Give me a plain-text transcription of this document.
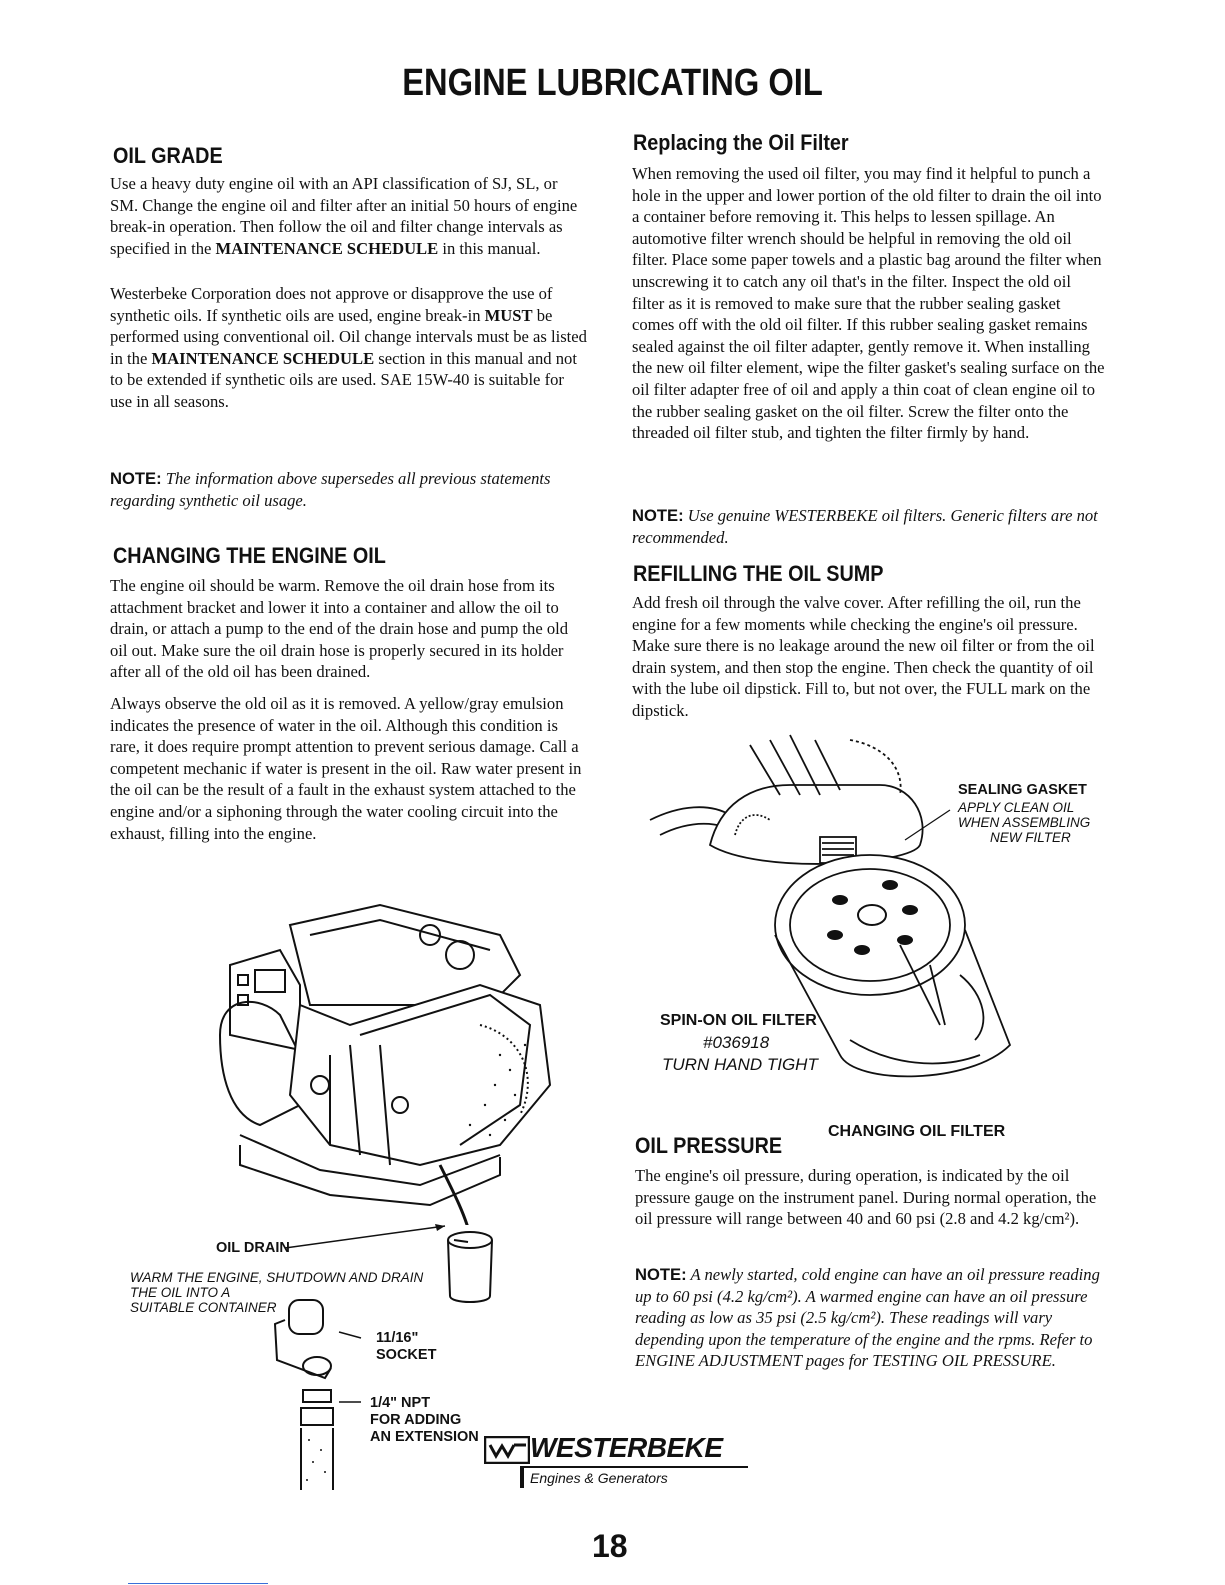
ENGINE LUBRICATING OIL
OIL GRADE

Use a heavy duty engine oil with an API classification of SJ, SL, or SM. Change the engine oil and filter after an initial 50 hours of engine break-in operation. Then follow the oil and filter change intervals as specified in the MAINTENANCE SCHEDULE in this manual.

Westerbeke Corporation does not approve or disapprove the use of synthetic oils. If synthetic oils are used, engine break-in MUST be performed using conventional oil. Oil change intervals must be as listed in the MAINTENANCE SCHEDULE section in this manual and not to be extended if synthetic oils are used. SAE 15W-40 is suitable for use in all seasons.

NOTE: The information above supersedes all previous statements regarding synthetic oil usage.
CHANGING THE ENGINE OIL

The engine oil should be warm. Remove the oil drain hose from its attachment bracket and lower it into a container and allow the oil to drain, or attach a pump to the end of the drain hose and pump the old oil out. Make sure the oil drain hose is properly secured in its holder after all of the old oil has been drained.

Always observe the old oil as it is removed. A yellow/gray emulsion indicates the presence of water in the oil. Although this condition is rare, it does require prompt attention to prevent serious damage. Call a competent mechanic if water is present in the oil. Raw water present in the oil can be the result of a fault in the exhaust system attached to the engine and/or a siphoning through the water cooling circuit into the exhaust, filling into the engine.

OIL DRAIN
WARM THE ENGINE, SHUTDOWN AND DRAIN
THE OIL INTO A
SUITABLE CONTAINER
11/16"
SOCKET
1/4" NPT
FOR ADDING
AN EXTENSION
Replacing the Oil Filter

When removing the used oil filter, you may find it helpful to punch a hole in the upper and lower portion of the old filter to drain the oil into a container before removing it. This helps to lessen spillage. An automotive filter wrench should be helpful in removing the old oil filter. Place some paper towels and a plastic bag around the filter when unscrewing it to catch any oil that's in the filter. Inspect the old oil filter as it is removed to make sure that the rubber sealing gasket comes off with the old oil filter. If this rubber sealing gasket remains sealed against the oil filter adapter, gently remove it. When installing the new oil filter element, wipe the filter gasket's sealing surface on the oil filter adapter free of oil and apply a thin coat of clean engine oil to the rubber sealing gasket on the oil filter. Screw the filter onto the threaded oil filter stub, and tighten the filter firmly by hand.

NOTE: Use genuine WESTERBEKE oil filters. Generic filters are not recommended.
REFILLING THE OIL SUMP

Add fresh oil through the valve cover. After refilling the oil, run the engine for a few moments while checking the engine's oil pressure. Make sure there is no leakage around the new oil filter or from the oil drain system, and then stop the engine. Then check the quantity of oil with the lube oil dipstick. Fill to, but not over, the FULL mark on the dipstick.

SEALING GASKET
APPLY CLEAN OIL
WHEN ASSEMBLING
NEW FILTER
SPIN-ON OIL FILTER
#036918
TURN HAND TIGHT
CHANGING OIL FILTER
OIL PRESSURE

The engine's oil pressure, during operation, is indicated by the oil pressure gauge on the instrument panel. During normal operation, the oil pressure will range between 40 and 60 psi (2.8 and 4.2 kg/cm²).

NOTE: A newly started, cold engine can have an oil pressure reading up to 60 psi (4.2 kg/cm²). A warmed engine can have an oil pressure reading as low as 35 psi (2.5 kg/cm²). These readings will vary depending upon the temperature of the engine and the rpms. Refer to ENGINE ADJUSTMENT pages for TESTING OIL PRESSURE.
WESTERBEKE
Engines & Generators
18
